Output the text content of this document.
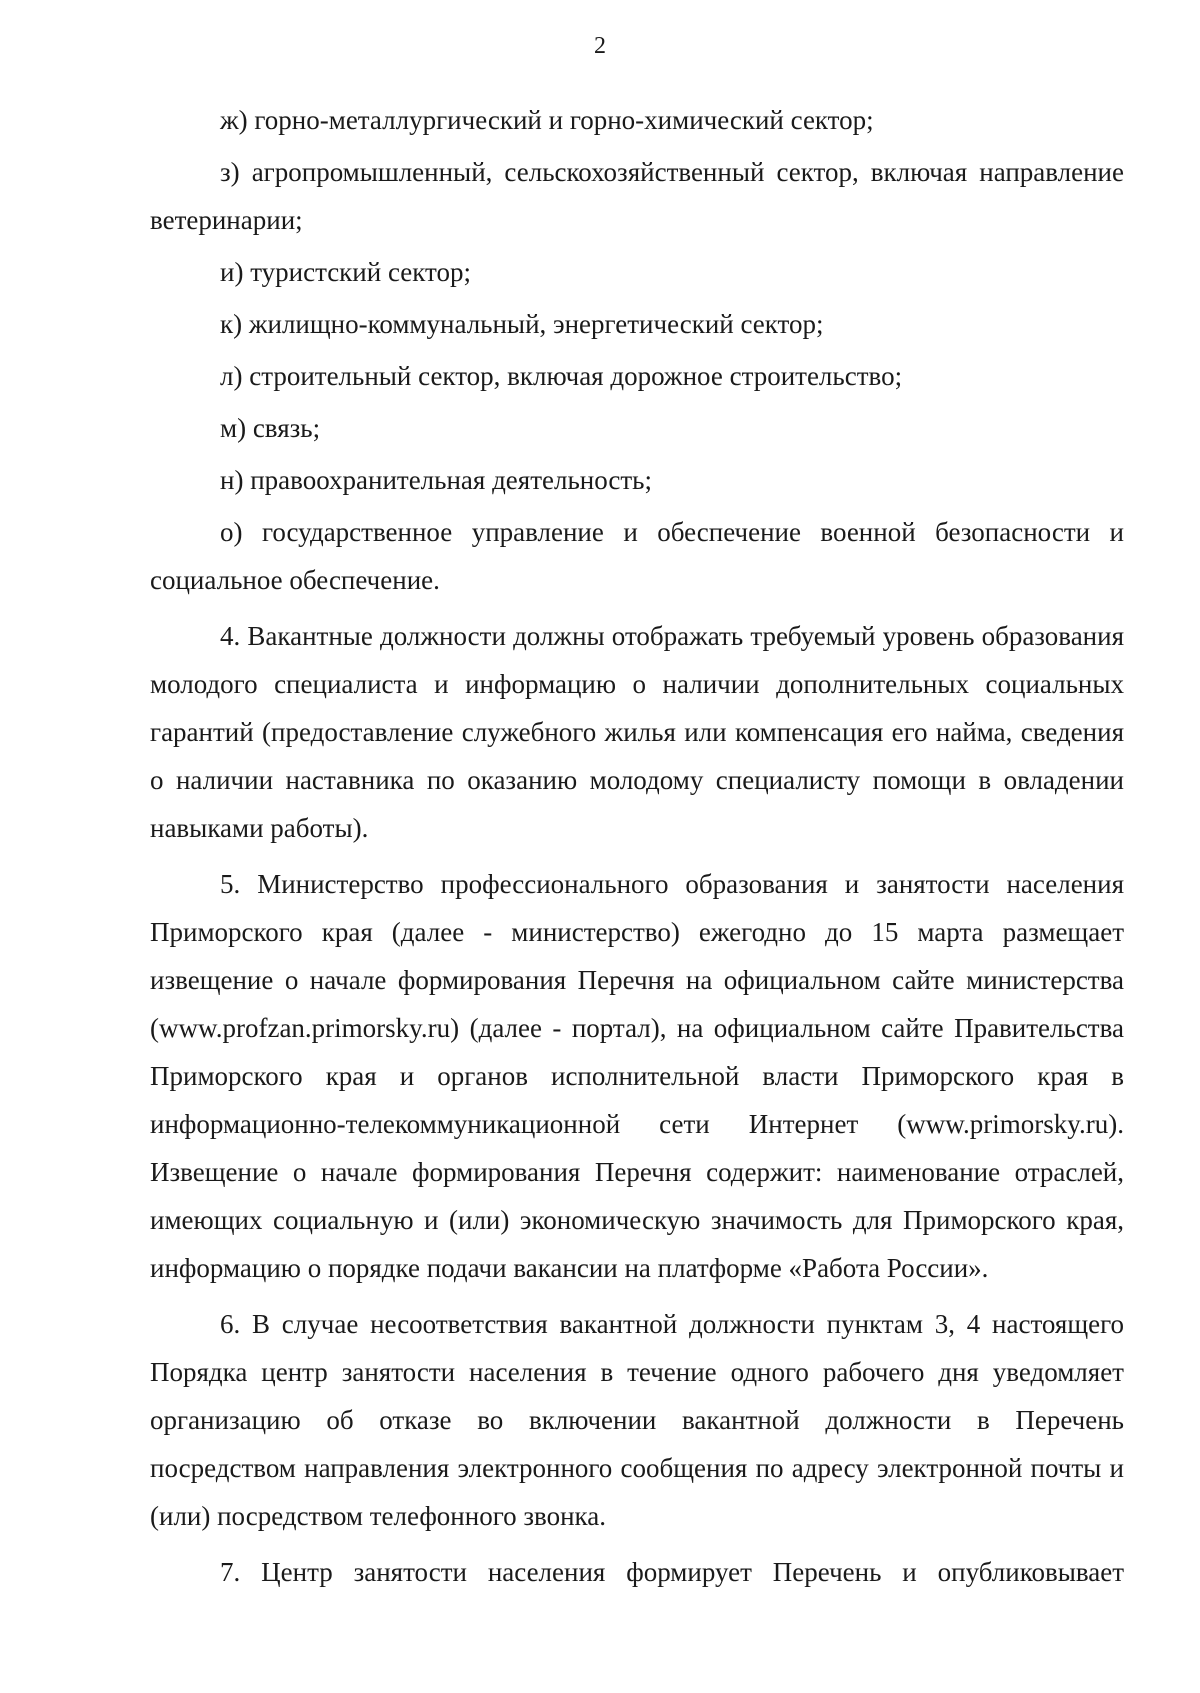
2

ж) горно-металлургический и горно-химический сектор;

з) агропромышленный, сельскохозяйственный сектор, включая направление ветеринарии;

и) туристский сектор;

к) жилищно-коммунальный, энергетический сектор;

л) строительный сектор, включая дорожное строительство;

м) связь;

н) правоохранительная деятельность;

о) государственное управление и обеспечение военной безопасности и социальное обеспечение.

4. Вакантные должности должны отображать требуемый уровень образования молодого специалиста и информацию о наличии дополнительных социальных гарантий (предоставление служебного жилья или компенсация его найма, сведения о наличии наставника по оказанию молодому специалисту помощи в овладении навыками работы).

5. Министерство профессионального образования и занятости населения Приморского края (далее - министерство) ежегодно до 15 марта размещает извещение о начале формирования Перечня на официальном сайте министерства (www.profzan.primorsky.ru) (далее - портал), на официальном сайте Правительства Приморского края и органов исполнительной власти Приморского края в информационно-телекоммуникационной сети Интернет (www.primorsky.ru). Извещение о начале формирования Перечня содержит: наименование отраслей, имеющих социальную и (или) экономическую значимость для Приморского края, информацию о порядке подачи вакансии на платформе «Работа России».

6. В случае несоответствия вакантной должности пунктам 3, 4 настоящего Порядка центр занятости населения в течение одного рабочего дня уведомляет организацию об отказе во включении вакантной должности в Перечень посредством направления электронного сообщения по адресу электронной почты и (или) посредством телефонного звонка.

7. Центр занятости населения формирует Перечень и опубликовывает
